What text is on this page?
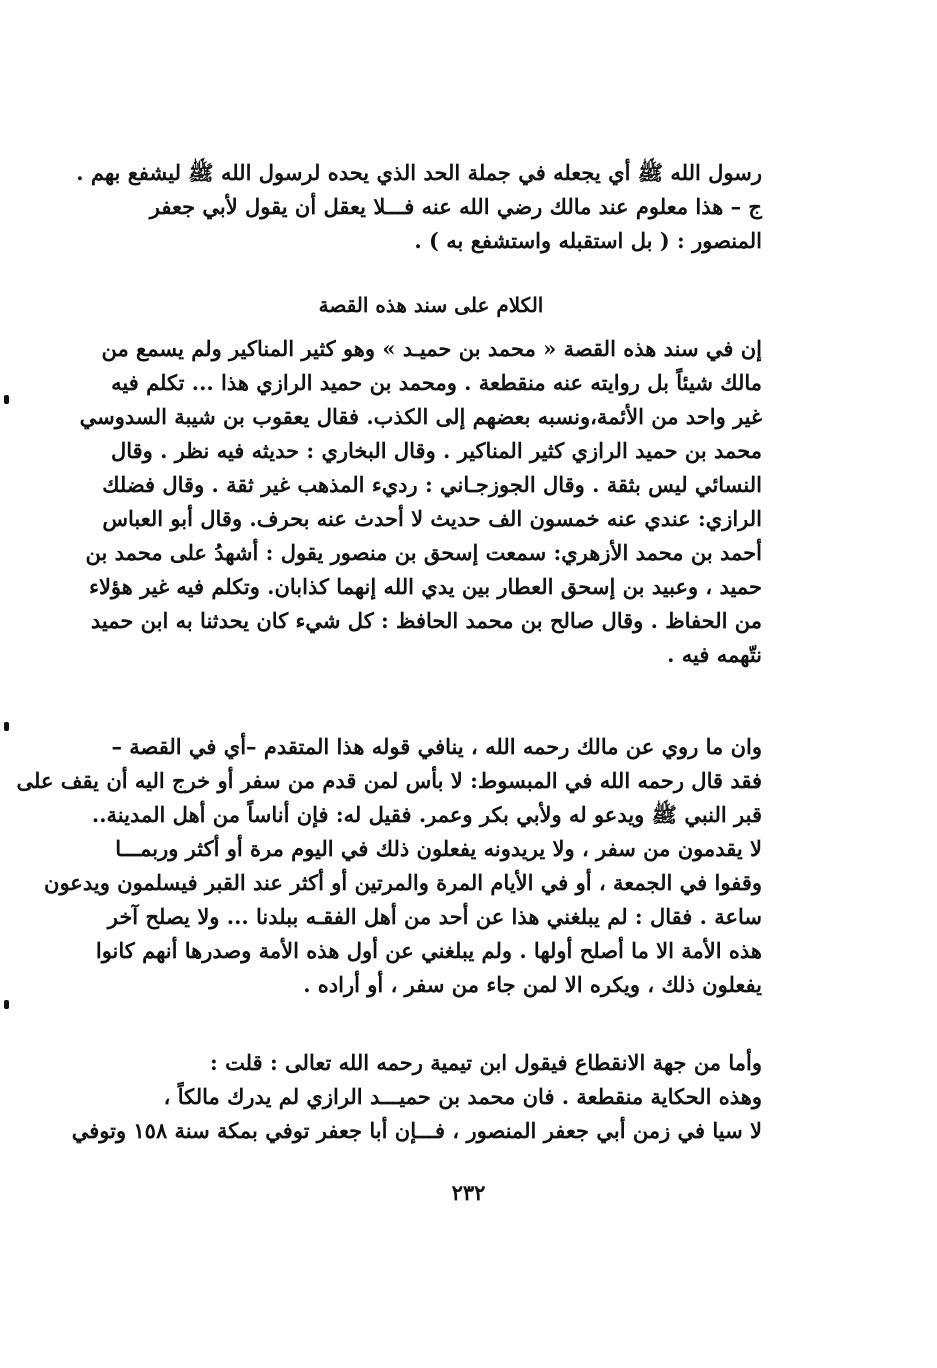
رسول الله ﷺ أي يجعله في جملة الحد الذي يحده لرسول الله ﷺ ليشفع بهم .
ج – هذا معلوم عند مالك رضي الله عنه فـــلا يعقل أن يقول لأبي جعفر
المنصور : ( بل استقبله واستشفع به ) .
الكلام على سند هذه القصة
إن في سند هذه القصة « محمد بن حميـد » وهو كثير المناكير ولم يسمع من
مالك شيئاً بل روايته عنه منقطعة . ومحمد بن حميد الرازي هذا ... تكلم فيه
غير واحد من الأئمة،ونسبه بعضهم إلى الكذب. فقال يعقوب بن شيبة السدوسي
محمد بن حميد الرازي كثير المناكير . وقال البخاري : حديثه فيه نظر . وقال
النسائي ليس بثقة . وقال الجوزجـاني : رديء المذهب غير ثقة . وقال فضلك
الرازي: عندي عنه خمسون الف حديث لا أحدث عنه بحرف. وقال أبو العباس
أحمد بن محمد الأزهري: سمعت إسحق بن منصور يقول : أشهدُ على محمد بن
حميد ، وعبيد بن إسحق العطار بين يدي الله إنهما كذابان. وتكلم فيه غير هؤلاء
من الحفاظ . وقال صالح بن محمد الحافظ : كل شيء كان يحدثنا به ابن حميد
نتّهمه فيه .
وان ما روي عن مالك رحمه الله ، ينافي قوله هذا المتقدم –أي في القصة –
فقد قال رحمه الله في المبسوط: لا بأس لمن قدم من سفر أو خرج اليه أن يقف على
قبر النبي ﷺ ويدعو له ولأبي بكر وعمر. فقيل له: فإن أناساً من أهل المدينة..
لا يقدمون من سفر ، ولا يريدونه يفعلون ذلك في اليوم مرة أو أكثر وربمـــا
وقفوا في الجمعة ، أو في الأيام المرة والمرتين أو أكثر عند القبر فيسلمون ويدعون
ساعة . فقال : لم يبلغني هذا عن أحد من أهل الفقـه ببلدنا ... ولا يصلح آخر
هذه الأمة الا ما أصلح أولها . ولم يبلغني عن أول هذه الأمة وصدرها أنهم كانوا
يفعلون ذلك ، ويكره الا لمن جاء من سفر ، أو أراده .
وأما من جهة الانقطاع فيقول ابن تيمية رحمه الله تعالى : قلت :
وهذه الحكاية منقطعة . فان محمد بن حميـــد الرازي لم يدرك مالكاً ،
لا سيا في زمن أبي جعفر المنصور ، فـــإن أبا جعفر توفي بمكة سنة ١٥٨ وتوفي
٢٣٢
